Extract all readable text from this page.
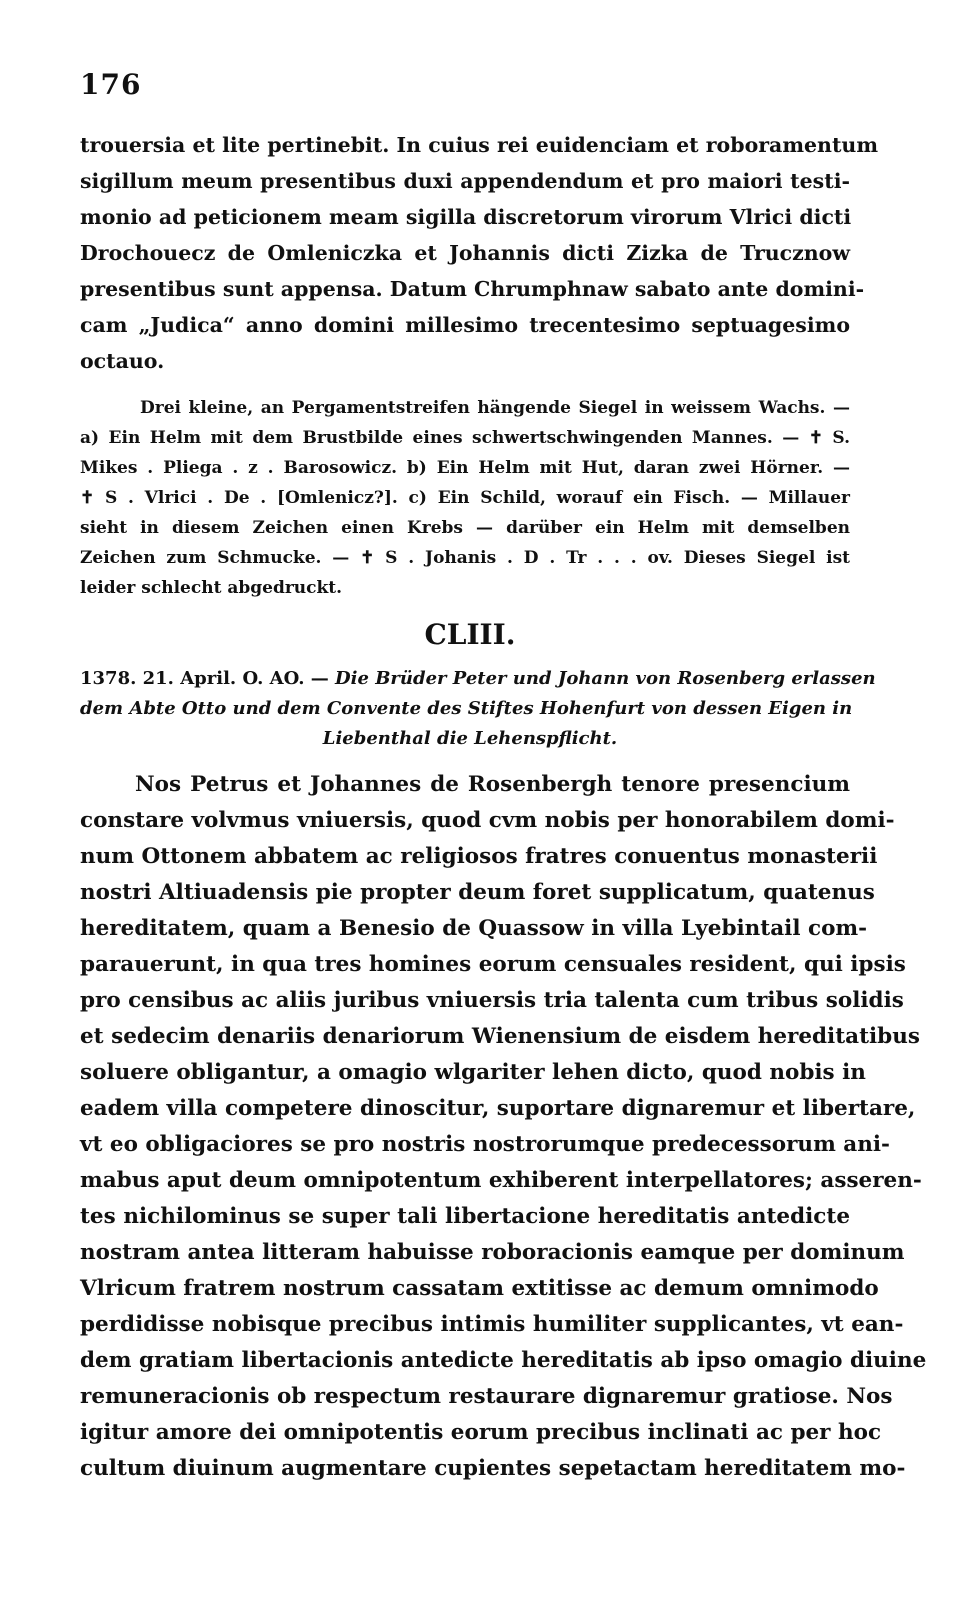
176
trouersia et lite pertinebit. In cuius rei euidenciam et roboramentum
sigillum meum presentibus duxi appendendum et pro maiori testi-
monio ad peticionem meam sigilla discretorum virorum Vlrici dicti
Drochouecz de Omleniczka et Johannis dicti Zizka de Trucznow
presentibus sunt appensa. Datum Chrumphnaw sabato ante domini-
cam „Judica“ anno domini millesimo trecentesimo septuagesimo
octauo.
Drei kleine, an Pergamentstreifen hängende Siegel in weissem Wachs. —
a) Ein Helm mit dem Brustbilde eines schwertschwingenden Mannes. — ✝ S.
Mikes . Pliega . z . Barosowicz. b) Ein Helm mit Hut, daran zwei Hörner. —
✝ S . Vlrici . De . [Omlenicz?]. c) Ein Schild, worauf ein Fisch. — Millauer
sieht in diesem Zeichen einen Krebs — darüber ein Helm mit demselben
Zeichen zum Schmucke. — ✝ S . Johanis . D . Tr . . . ov. Dieses Siegel ist
leider schlecht abgedruckt.
CLIII.
1378. 21. April. O. AO. — Die Brüder Peter und Johann von Rosenberg erlassen
dem Abte Otto und dem Convente des Stiftes Hohenfurt von dessen Eigen in
Liebenthal die Lehenspflicht.
Nos Petrus et Johannes de Rosenbergh tenore presencium
constare volvmus vniuersis, quod cvm nobis per honorabilem domi-
num Ottonem abbatem ac religiosos fratres conuentus monasterii
nostri Altiuadensis pie propter deum foret supplicatum, quatenus
hereditatem, quam a Benesio de Quassow in villa Lyebintail com-
parauerunt, in qua tres homines eorum censuales resident, qui ipsis
pro censibus ac aliis juribus vniuersis tria talenta cum tribus solidis
et sedecim denariis denariorum Wienensium de eisdem hereditatibus
soluere obligantur, a omagio wlgariter lehen dicto, quod nobis in
eadem villa competere dinoscitur, suportare dignaremur et libertare,
vt eo obligaciores se pro nostris nostrorumque predecessorum ani-
mabus aput deum omnipotentum exhiberent interpellatores; asseren-
tes nichilominus se super tali libertacione hereditatis antedicte
nostram antea litteram habuisse roboracionis eamque per dominum
Vlricum fratrem nostrum cassatam extitisse ac demum omnimodo
perdidisse nobisque precibus intimis humiliter supplicantes, vt ean-
dem gratiam libertacionis antedicte hereditatis ab ipso omagio diuine
remuneracionis ob respectum restaurare dignaremur gratiose. Nos
igitur amore dei omnipotentis eorum precibus inclinati ac per hoc
cultum diuinum augmentare cupientes sepetactam hereditatem mo-
